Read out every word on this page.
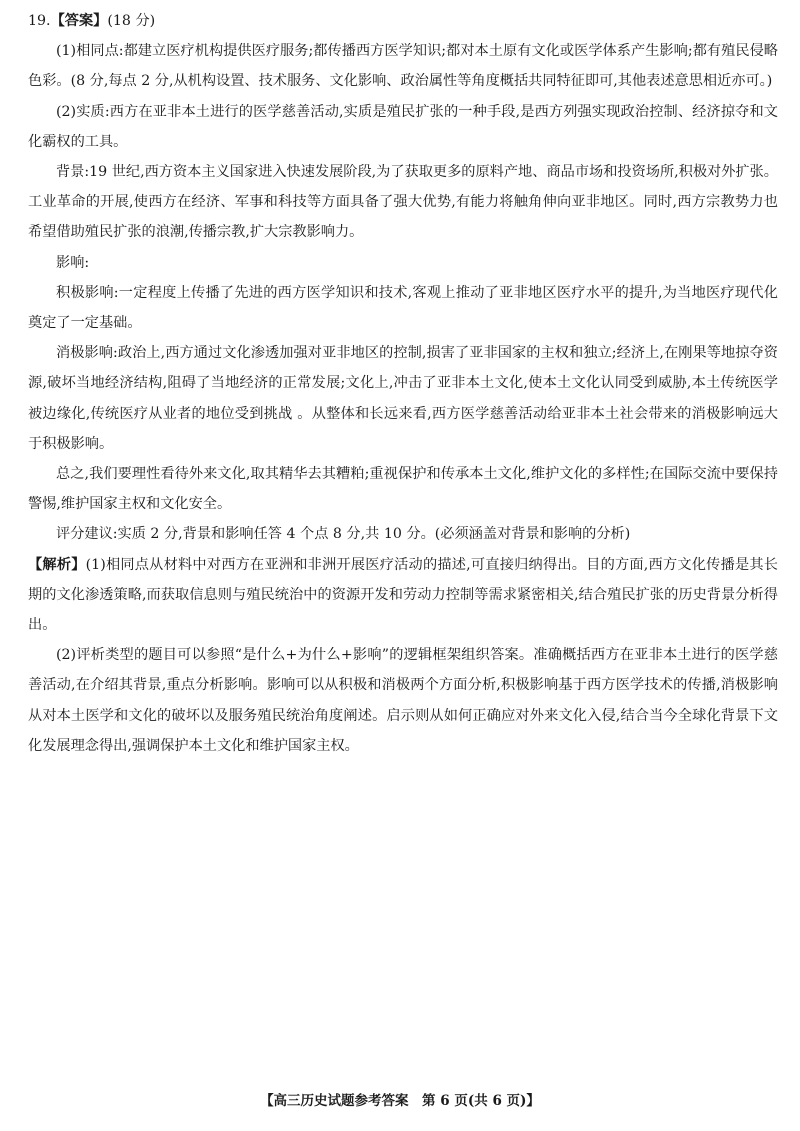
19.【答案】(18 分)

(1)相同点:都建立医疗机构提供医疗服务;都传播西方医学知识;都对本土原有文化或医学体系产生影响;都有殖民侵略色彩。(8 分,每点 2 分,从机构设置、技术服务、文化影响、政治属性等角度概括共同特征即可,其他表述意思相近亦可。)

(2)实质:西方在亚非本土进行的医学慈善活动,实质是殖民扩张的一种手段,是西方列强实现政治控制、经济掠夺和文化霸权的工具。

背景:19 世纪,西方资本主义国家进入快速发展阶段,为了获取更多的原料产地、商品市场和投资场所,积极对外扩张。工业革命的开展,使西方在经济、军事和科技等方面具备了强大优势,有能力将触角伸向亚非地区。同时,西方宗教势力也希望借助殖民扩张的浪潮,传播宗教,扩大宗教影响力。

影响:

积极影响:一定程度上传播了先进的西方医学知识和技术,客观上推动了亚非地区医疗水平的提升,为当地医疗现代化奠定了一定基础。

消极影响:政治上,西方通过文化渗透加强对亚非地区的控制,损害了亚非国家的主权和独立;经济上,在刚果等地掠夺资源,破坏当地经济结构,阻碍了当地经济的正常发展;文化上,冲击了亚非本土文化,使本土文化认同受到威胁,本土传统医学被边缘化,传统医疗从业者的地位受到挑战 。从整体和长远来看,西方医学慈善活动给亚非本土社会带来的消极影响远大于积极影响。

总之,我们要理性看待外来文化,取其精华去其糟粕;重视保护和传承本土文化,维护文化的多样性;在国际交流中要保持警惕,维护国家主权和文化安全。

评分建议:实质 2 分,背景和影响任答 4 个点 8 分,共 10 分。(必须涵盖对背景和影响的分析)

【解析】(1)相同点从材料中对西方在亚洲和非洲开展医疗活动的描述,可直接归纳得出。目的方面,西方文化传播是其长期的文化渗透策略,而获取信息则与殖民统治中的资源开发和劳动力控制等需求紧密相关,结合殖民扩张的历史背景分析得出。

(2)评析类型的题目可以参照“是什么+为什么+影响”的逻辑框架组织答案。准确概括西方在亚非本土进行的医学慈善活动,在介绍其背景,重点分析影响。影响可以从积极和消极两个方面分析,积极影响基于西方医学技术的传播,消极影响从对本土医学和文化的破坏以及服务殖民统治角度阐述。启示则从如何正确应对外来文化入侵,结合当今全球化背景下文化发展理念得出,强调保护本土文化和维护国家主权。

【高三历史试题参考答案　第 6 页(共 6 页)】
